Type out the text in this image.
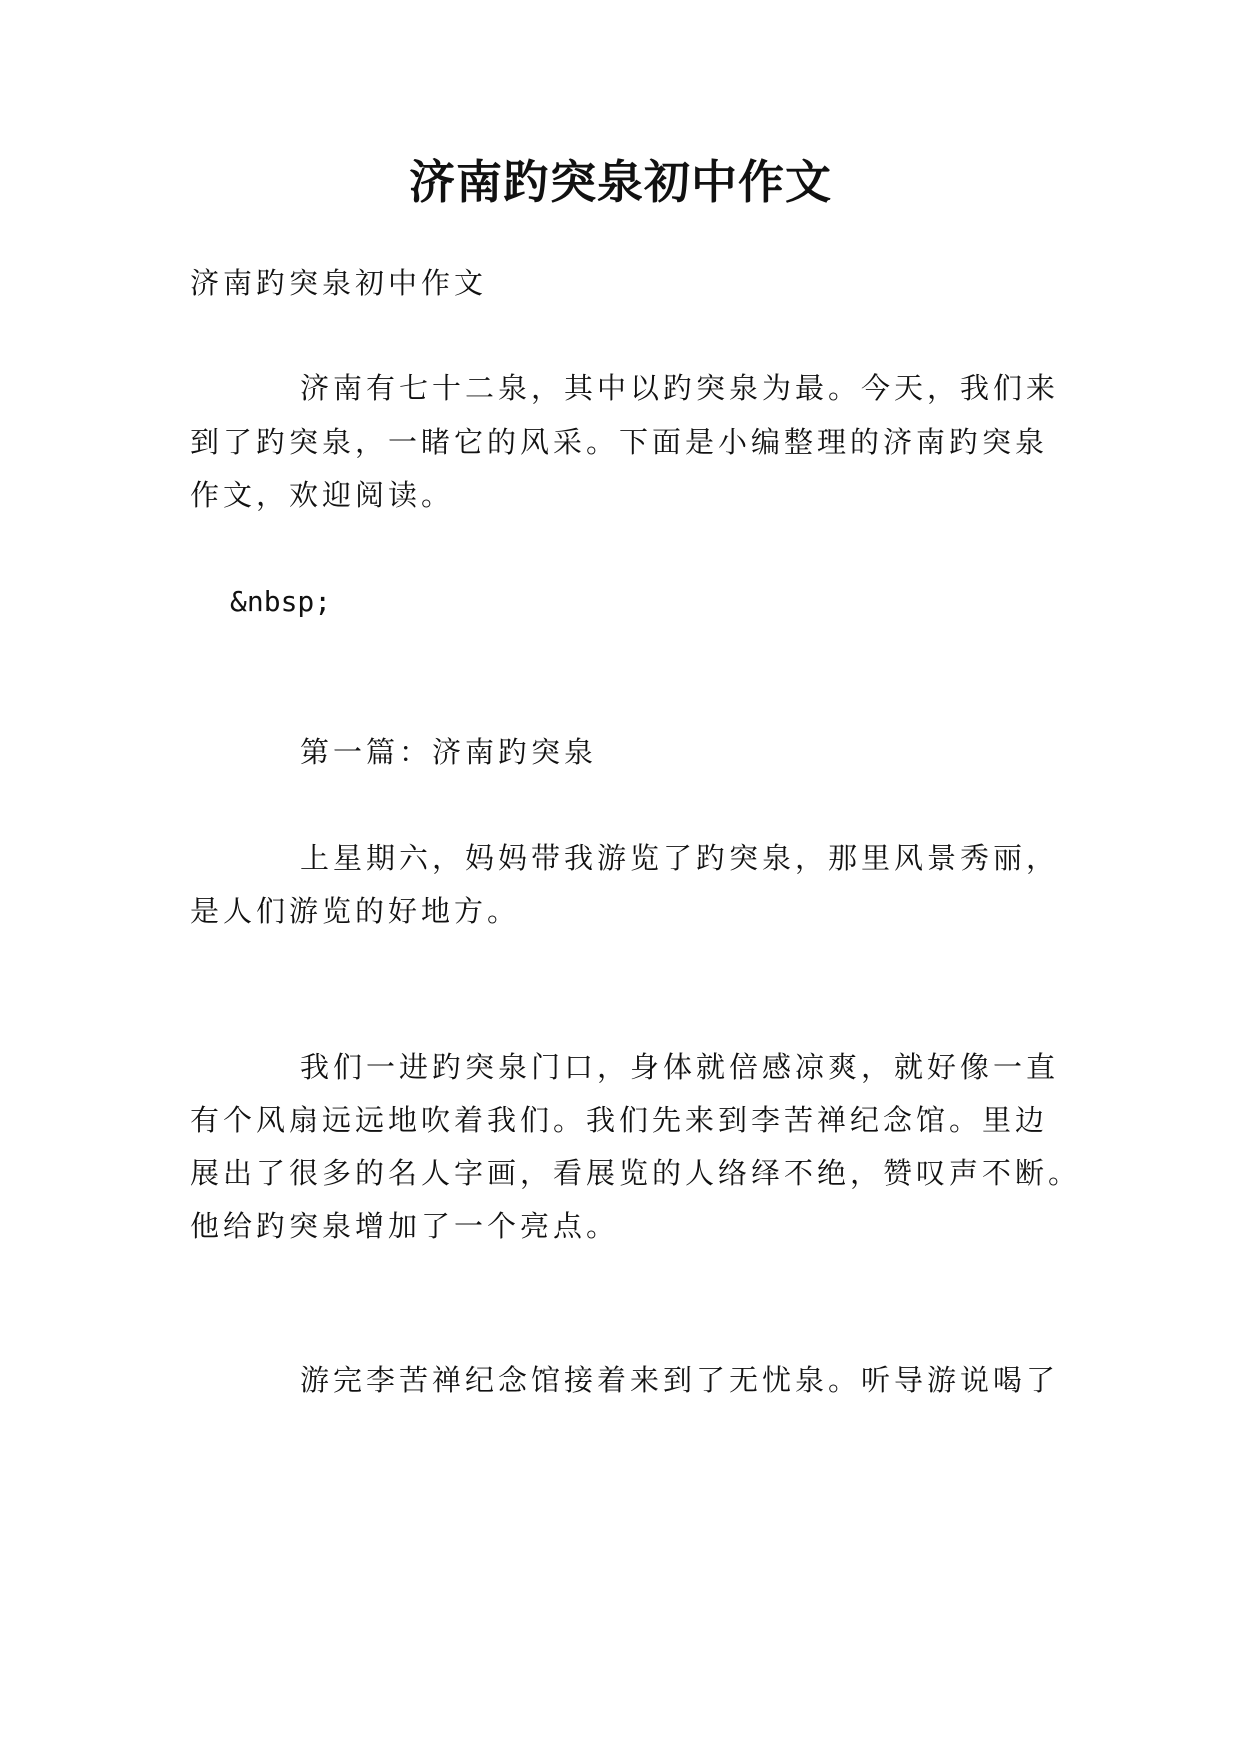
济南趵突泉初中作文
济南趵突泉初中作文
济南有七十二泉，其中以趵突泉为最。今天，我们来
到了趵突泉，一睹它的风采。下面是小编整理的济南趵突泉
作文，欢迎阅读。
&nbsp;
第一篇：济南趵突泉
上星期六，妈妈带我游览了趵突泉，那里风景秀丽，
是人们游览的好地方。
我们一进趵突泉门口，身体就倍感凉爽，就好像一直
有个风扇远远地吹着我们。我们先来到李苦禅纪念馆。里边
展出了很多的名人字画，看展览的人络绎不绝，赞叹声不断。
他给趵突泉增加了一个亮点。
游完李苦禅纪念馆接着来到了无忧泉。听导游说喝了
